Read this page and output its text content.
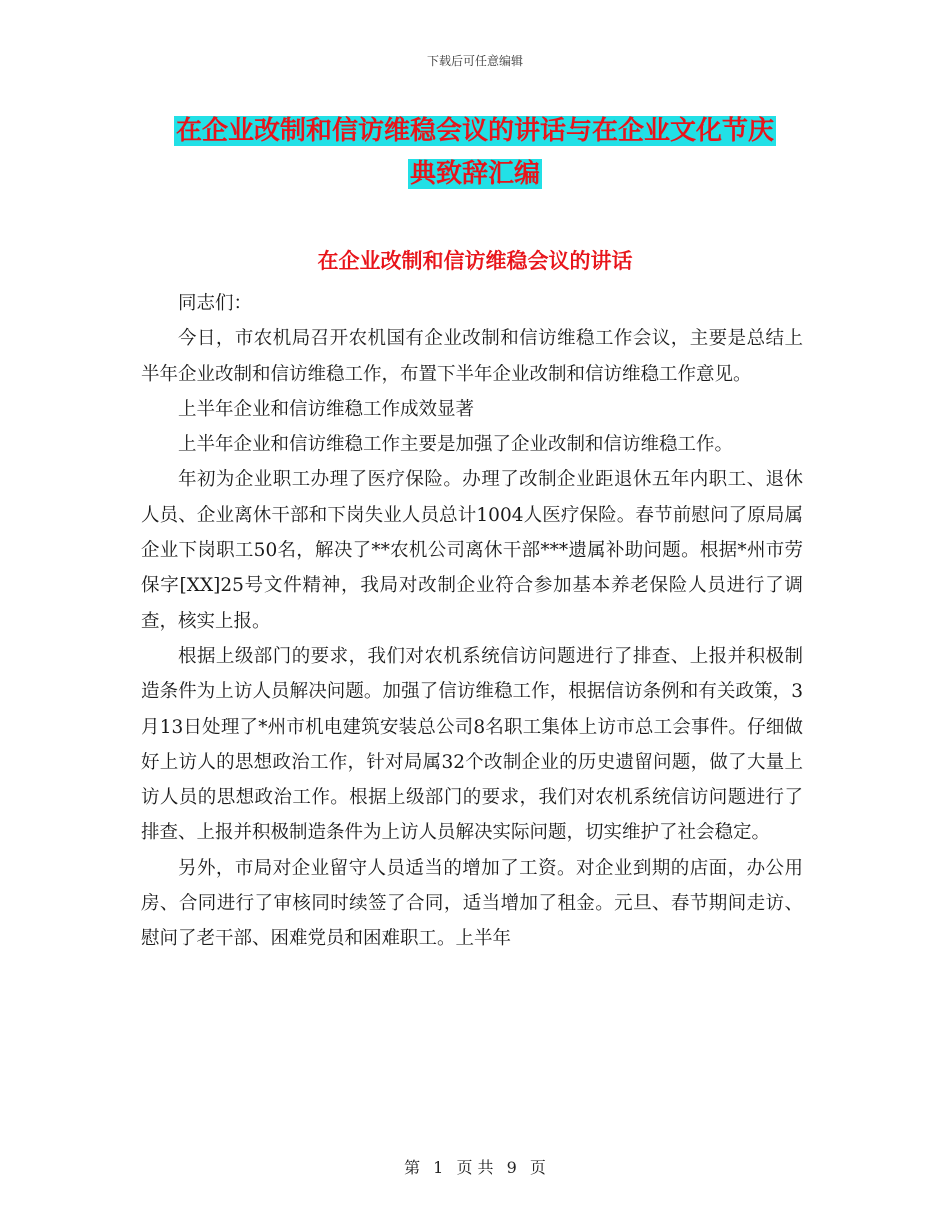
下载后可任意编辑
在企业改制和信访维稳会议的讲话与在企业文化节庆
典致辞汇编
在企业改制和信访维稳会议的讲话

同志们：

今日，市农机局召开农机国有企业改制和信访维稳工作会议，主要是总结上半年企业改制和信访维稳工作，布置下半年企业改制和信访维稳工作意见。

上半年企业和信访维稳工作成效显著

上半年企业和信访维稳工作主要是加强了企业改制和信访维稳工作。

年初为企业职工办理了医疗保险。办理了改制企业距退休五年内职工、退休人员、企业离休干部和下岗失业人员总计1004人医疗保险。春节前慰问了原局属企业下岗职工50名，解决了**农机公司离休干部***遗属补助问题。根据*州市劳保字[XX]25号文件精神，我局对改制企业符合参加基本养老保险人员进行了调查，核实上报。

根据上级部门的要求，我们对农机系统信访问题进行了排查、上报并积极制造条件为上访人员解决问题。加强了信访维稳工作，根据信访条例和有关政策，3月13日处理了*州市机电建筑安装总公司8名职工集体上访市总工会事件。仔细做好上访人的思想政治工作，针对局属32个改制企业的历史遗留问题，做了大量上访人员的思想政治工作。根据上级部门的要求，我们对农机系统信访问题进行了排查、上报并积极制造条件为上访人员解决实际问题，切实维护了社会稳定。

另外，市局对企业留守人员适当的增加了工资。对企业到期的店面，办公用房、合同进行了审核同时续签了合同，适当增加了租金。元旦、春节期间走访、慰问了老干部、困难党员和困难职工。上半年

第 1 页 共 9 页
